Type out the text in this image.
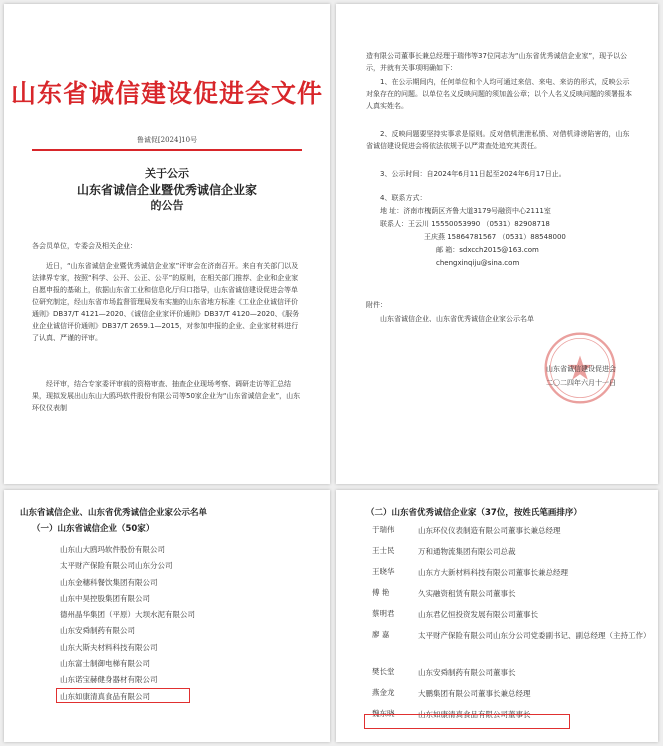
山东省诚信建设促进会文件
鲁诚促[2024]10号
关于公示
山东省诚信企业暨优秀诚信企业家
的公告
各会员单位，专委会及相关企业：
近日，“山东省诚信企业暨优秀诚信企业家”评审会在济南召开。来自有关部门以及法律界专家，按照“科学、公开、公正、公平”的原则，在相关部门推荐、企业和企业家自愿申报的基础上，依据山东省工业和信息化厅归口指导，山东省诚信建设促进会等单位研究制定，经山东省市场监督管理局发布实施的山东省地方标准《工业企业诚信评价通则》DB37/T 4121—2020、《诚信企业家评价通则》DB37/T 4120—2020、《服务业企业诚信评价通则》DB37/T 2659.1—2015，对参加申报的企业、企业家材料进行了认真、严谨的评审。
经评审，结合专家委评审前的资格审查、抽查企业现场考察、调研走访等汇总结果，现拟发展出山东山大鸥玛软件股份有限公司等50家企业为“山东省诚信企业”，山东环仪仪表制
造有限公司董事长兼总经理于瑞伟等37位同志为“山东省优秀诚信企业家”，现予以公示，并就有关事项明确如下：
1、在公示期间内，任何单位和个人均可通过来信、来电、来访的形式，反映公示对象存在的问题。以单位名义反映问题的须加盖公章；以个人名义反映问题的须署报本人真实姓名。
2、反映问题要坚持实事求是原则。反对借机泄泄私愤、对借机诽谤陷害的，山东省诚信建设促进会将依法依规予以严肃查处追究其责任。
3、公示时间：自2024年6月11日起至2024年6月17日止。
4、联系方式：
地 址：济南市槐荫区齐鲁大道3179号融资中心2111室
联系人：王云川 15550053990 （0531）82908718
王庆燕 15864781567 （0531）88548000
邮 箱：sdxcch2015@163.com
chengxinqiju@sina.com
附件：
山东省诚信企业、山东省优秀诚信企业家公示名单
山东省诚信建设促进会
二〇二四年六月十一日
山东省诚信企业、山东省优秀诚信企业家公示名单
（一）山东省诚信企业（50家）
山东山大鸥玛软件股份有限公司
太平财产保险有限公司山东分公司
山东金穗科餐饮集团有限公司
山东中昊控股集团有限公司
德州晶华集团（平原）大坝水泥有限公司
山东安舜制药有限公司
山东大斯夫材料科技有限公司
山东富士制御电梯有限公司
山东诺宝赫健身器材有限公司
山东如康清真食品有限公司
（二）山东省优秀诚信企业家（37位，按姓氏笔画排序）
于瑞伟	山东环仪仪表制造有限公司董事长兼总经理
王士民	万和通物流集团有限公司总裁
王晓华	山东方大新材料科技有限公司董事长兼总经理
傅 艳	久实融资租赁有限公司董事长
蔡明君	山东君亿恒投资发展有限公司董事长
廖 嘉	太平财产保险有限公司山东分公司党委副书记、副总经理（主持工作）
樊长堂	山东安舜制药有限公司董事长
燕金龙	大鹏集团有限公司董事长兼总经理
魏东晓	山东如康清真食品有限公司董事长
